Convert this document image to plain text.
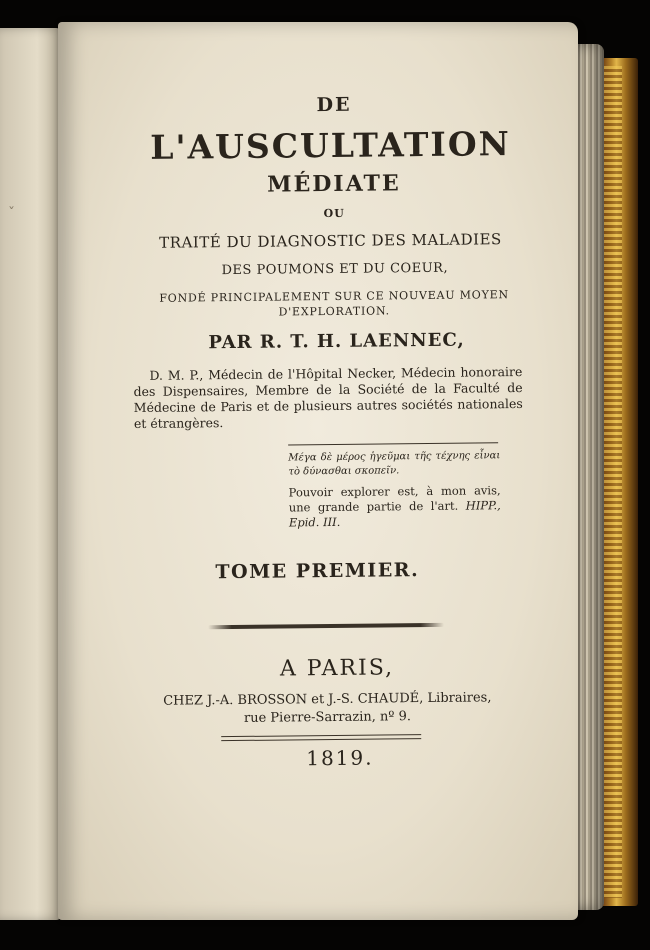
ˇ
DE
L'AUSCULTATION
MÉDIATE
OU
TRAITÉ DU DIAGNOSTIC DES MALADIES
DES POUMONS ET DU COEUR,
FONDÉ PRINCIPALEMENT SUR CE NOUVEAU MOYEN D'EXPLORATION.
PAR R. T. H. LAENNEC,
D. M. P., Médecin de l'Hôpital Necker, Médecin honoraire des Dispensaires, Membre de la Société de la Faculté de Médecine de Paris et de plusieurs autres sociétés nationales et étrangères.
Μέγα δὲ μέρος ἡγεῦμαι τῆς τέχνης εἶναι τὸ δύνασθαι σκοπεῖν.
Pouvoir explorer est, à mon avis, une grande partie de l'art. HIPP., Epid. III.
TOME PREMIER.
A PARIS,
CHEZ J.-A. BROSSON et J.-S. CHAUDÉ, Libraires,
rue Pierre-Sarrazin, nº 9.
1819.
